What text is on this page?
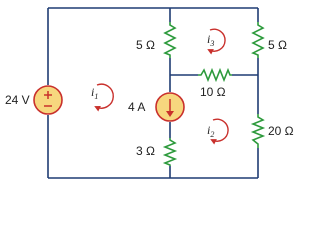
24 V	4 A
5 Ω	5 Ω
10 Ω
3 Ω
20 Ω
i1
i3
i2
